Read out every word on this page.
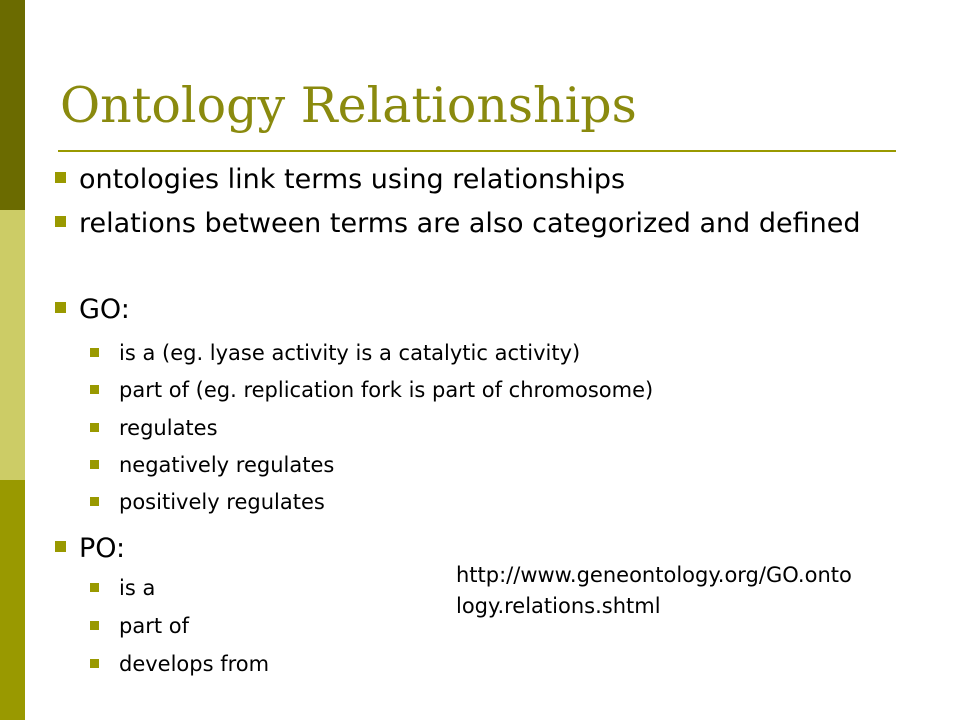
Ontology Relationships
ontologies link terms using relationships
relations between terms are also categorized and defined
GO:
is a (eg. lyase activity is a catalytic activity)
part of (eg. replication fork is part of chromosome)
regulates
negatively regulates
positively regulates
PO:
is a
part of
develops from
http://www.geneontology.org/GO.onto
logy.relations.shtml
